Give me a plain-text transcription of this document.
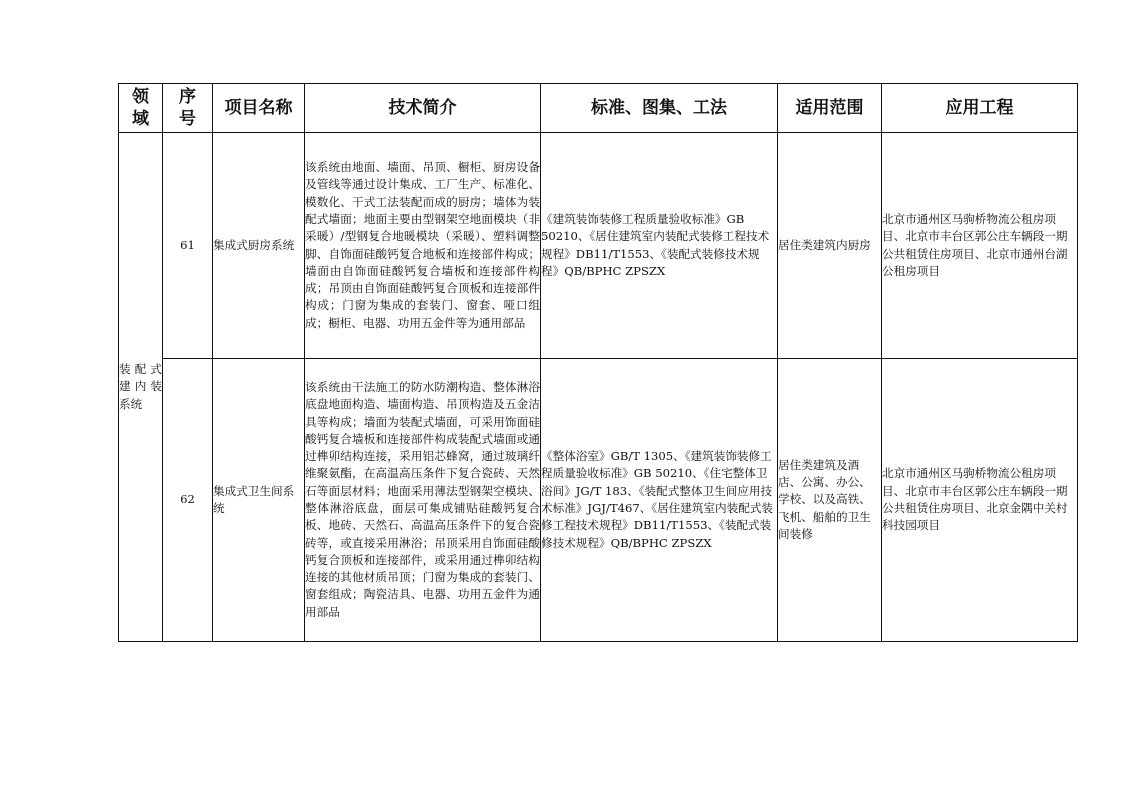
领域	序号	项目名称	技术简介	标准、图集、工法	适用范围	应用工程
装配式建内装系统	61	集成式厨房系统	该系统由地面、墙面、吊顶、橱柜、厨房设备及管线等通过设计集成、工厂生产、标准化、模数化、干式工法装配而成的厨房；墙体为装配式墙面；地面主要由型钢架空地面模块（非采暖）/型钢复合地暖模块（采暖）、塑料调整脚、自饰面硅酸钙复合地板和连接部件构成；墙面由自饰面硅酸钙复合墙板和连接部件构成；吊顶由自饰面硅酸钙复合顶板和连接部件构成；门窗为集成的套装门、窗套、哑口组成；橱柜、电器、功用五金件等为通用部品	《建筑装饰装修工程质量验收标准》GB 50210、《居住建筑室内装配式装修工程技术规程》DB11/T1553、《装配式装修技术规程》QB/BPHC ZPSZX	居住类建筑内厨房	北京市通州区马驹桥物流公租房项目、北京市丰台区郭公庄车辆段一期公共租赁住房项目、北京市通州台湖公租房项目
	62	集成式卫生间系统	该系统由干法施工的防水防潮构造、整体淋浴底盘地面构造、墙面构造、吊顶构造及五金洁具等构成；墙面为装配式墙面，可采用饰面硅酸钙复合墙板和连接部件构成装配式墙面或通过榫卯结构连接，采用铝芯蜂窝，通过玻璃纤维聚氨酯，在高温高压条件下复合瓷砖、天然石等面层材料；地面采用薄法型钢架空模块、整体淋浴底盘，面层可集成铺贴硅酸钙复合板、地砖、天然石、高温高压条件下的复合瓷砖等，或直接采用淋浴；吊顶采用自饰面硅酸钙复合顶板和连接部件，或采用通过榫卯结构连接的其他材质吊顶；门窗为集成的套装门、窗套组成；陶瓷洁具、电器、功用五金件为通用部品	《整体浴室》GB/T 1305、《建筑装饰装修工程质量验收标准》GB 50210、《住宅整体卫浴间》JG/T 183、《装配式整体卫生间应用技术标准》JGJ/T467、《居住建筑室内装配式装修工程技术规程》DB11/T1553、《装配式装修技术规程》QB/BPHC ZPSZX	居住类建筑及酒店、公寓、办公、学校、以及高铁、飞机、船舶的卫生间装修	北京市通州区马驹桥物流公租房项目、北京市丰台区郭公庄车辆段一期公共租赁住房项目、北京金隅中关村科技园项目
